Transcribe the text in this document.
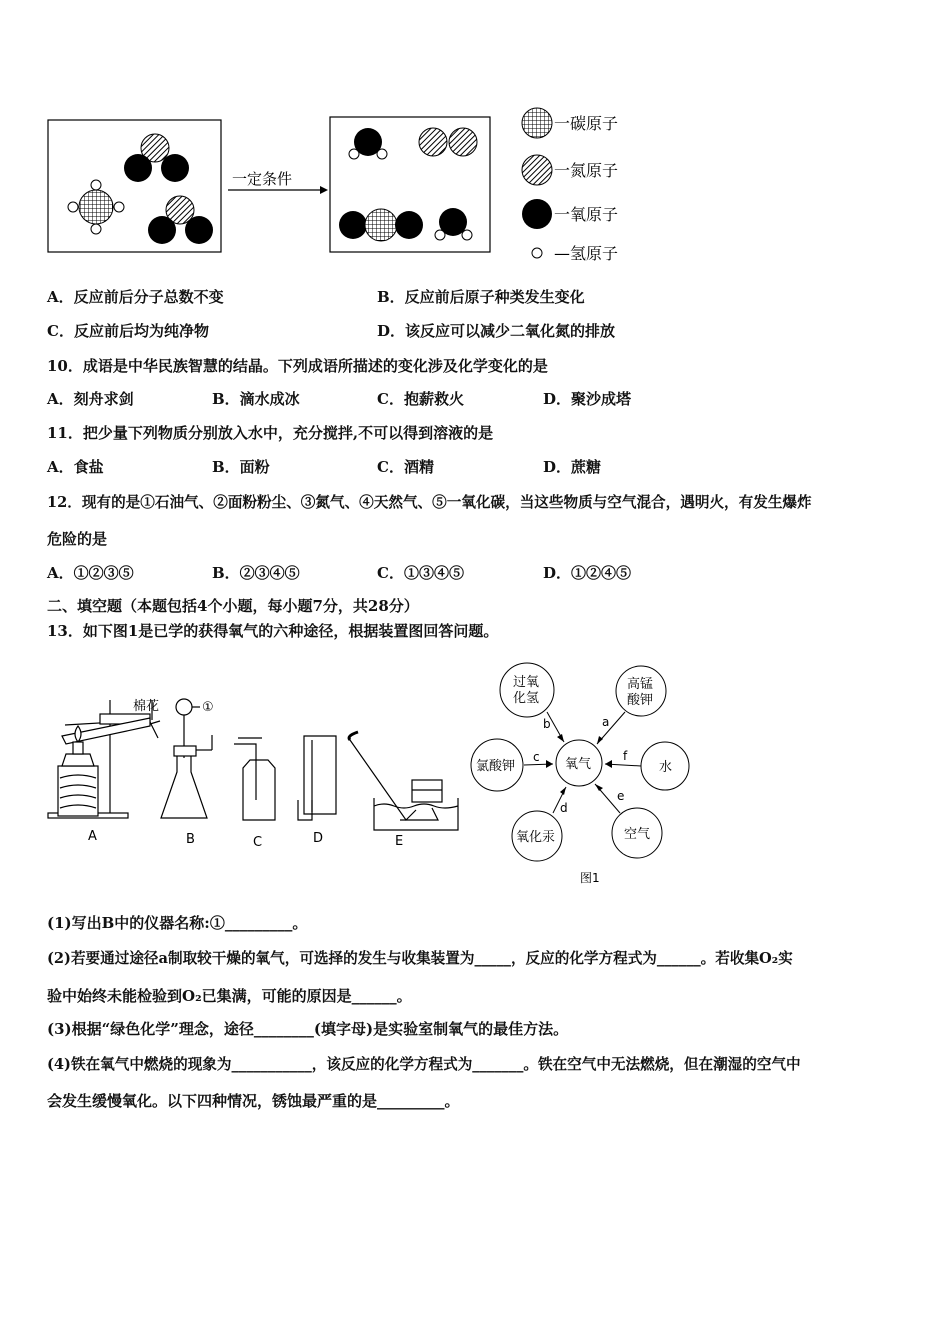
一定条件
一碳原子
一氮原子
一氧原子
—氢原子
A．反应前后分子总数不变	B．反应前后原子种类发生变化
C．反应前后均为纯净物	D．该反应可以减少二氧化氮的排放
10．成语是中华民族智慧的结晶。下列成语所描述的变化涉及化学变化的是
A．刻舟求剑	B．滴水成冰	C．抱薪救火	D．聚沙成塔
11．把少量下列物质分别放入水中，充分搅拌,不可以得到溶液的是
A．食盐	B．面粉	C．酒精	D．蔗糖
12．现有的是①石油气、②面粉粉尘、③氮气、④天然气、⑤一氧化碳，当这些物质与空气混合，遇明火，有发生爆炸
危险的是
A．①②③⑤	B．②③④⑤	C．①③④⑤	D．①②④⑤
二、填空题（本题包括4个小题，每小题7分，共28分）
13．如下图1是已学的获得氧气的六种途径，根据装置图回答问题。
棉花	①
A	B	C	D	E
氧气
过氧
化氢
高锰
酸钾
氯酸钾	水
氧化汞	空气
b	a
c	f
d
e
图1
(1)写出B中的仪器名称:①_________。
(2)若要通过途径a制取较干燥的氧气，可选择的发生与收集装置为_____，反应的化学方程式为______。若收集O₂实
验中始终未能检验到O₂已集满，可能的原因是______。
(3)根据“绿色化学”理念，途径________(填字母)是实验室制氧气的最佳方法。
(4)铁在氧气中燃烧的现象为___________，该反应的化学方程式为_______。铁在空气中无法燃烧，但在潮湿的空气中
会发生缓慢氧化。以下四种情况，锈蚀最严重的是_________。
